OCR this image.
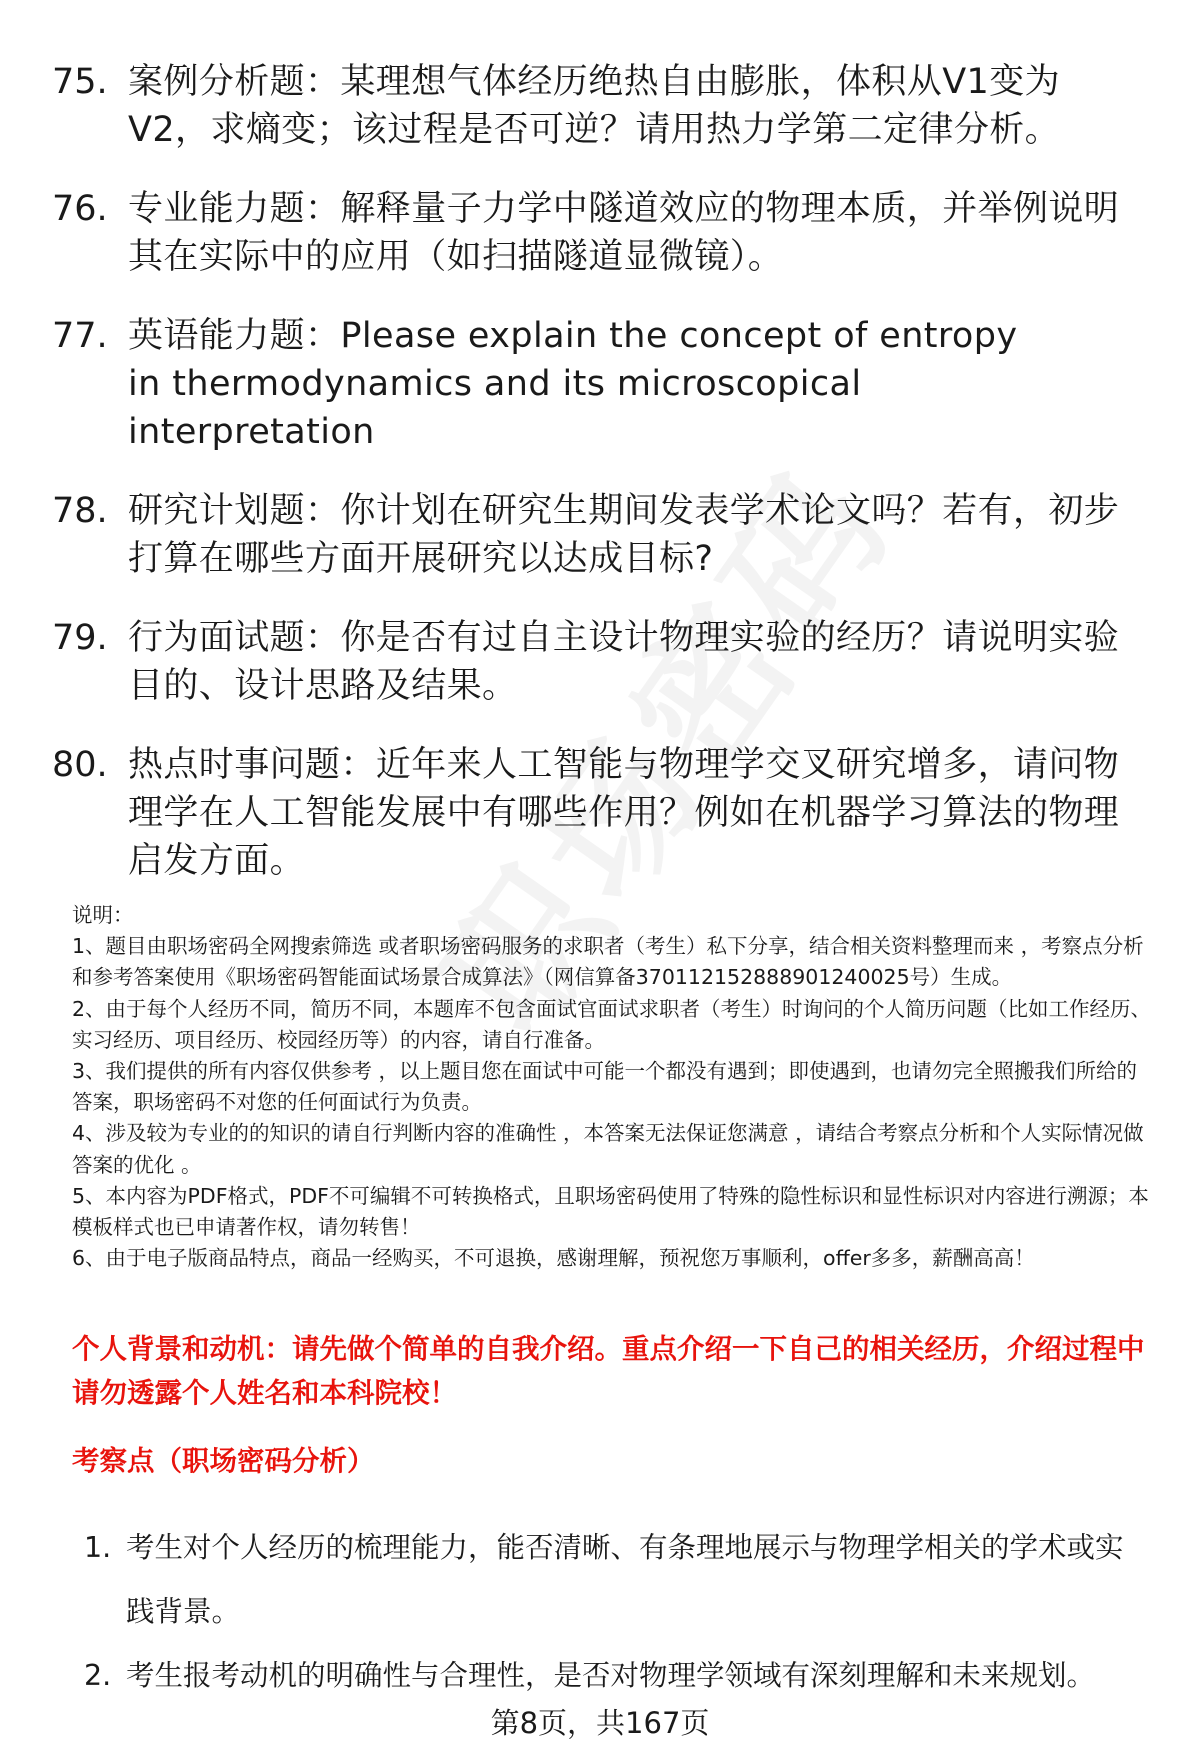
75. 案例分析题：某理想气体经历绝热自由膨胀，体积从V1变为V2，求熵变；该过程是否可逆？请用热力学第二定律分析。
76. 专业能力题：解释量子力学中隧道效应的物理本质，并举例说明其在实际中的应用（如扫描隧道显微镜）。
77. 英语能力题：Please explain the concept of entropy in thermodynamics and its microscopical interpretation
78. 研究计划题：你计划在研究生期间发表学术论文吗？若有，初步打算在哪些方面开展研究以达成目标?
79. 行为面试题：你是否有过自主设计物理实验的经历？请说明实验目的、设计思路及结果。
80. 热点时事问题：近年来人工智能与物理学交叉研究增多，请问物理学在人工智能发展中有哪些作用？例如在机器学习算法的物理启发方面。

说明：

1、题目由职场密码全网搜索筛选 或者职场密码服务的求职者（考生）私下分享，结合相关资料整理而来 ，考察点分析和参考答案使用《职场密码智能面试场景合成算法》（网信算备370112152888901240025号）生成。

2、由于每个人经历不同，简历不同，本题库不包含面试官面试求职者（考生）时询问的个人简历问题（比如工作经历、实习经历、项目经历、校园经历等）的内容，请自行准备。

3、我们提供的所有内容仅供参考 ，以上题目您在面试中可能一个都没有遇到；即使遇到，也请勿完全照搬我们所给的答案，职场密码不对您的任何面试行为负责。

4、涉及较为专业的的知识的请自行判断内容的准确性 ，本答案无法保证您满意 ，请结合考察点分析和个人实际情况做答案的优化 。

5、本内容为PDF格式，PDF不可编辑不可转换格式，且职场密码使用了特殊的隐性标识和显性标识对内容进行溯源；本模板样式也已申请著作权，请勿转售！

6、由于电子版商品特点，商品一经购买，不可退换，感谢理解，预祝您万事顺利，offer多多，薪酬高高！

个人背景和动机：请先做个简单的自我介绍。重点介绍一下自己的相关经历，介绍过程中请勿透露个人姓名和本科院校！
考察点（职场密码分析）
1. 考生对个人经历的梳理能力，能否清晰、有条理地展示与物理学相关的学术或实践背景。
2. 考生报考动机的明确性与合理性，是否对物理学领域有深刻理解和未来规划。
第8页，共167页
